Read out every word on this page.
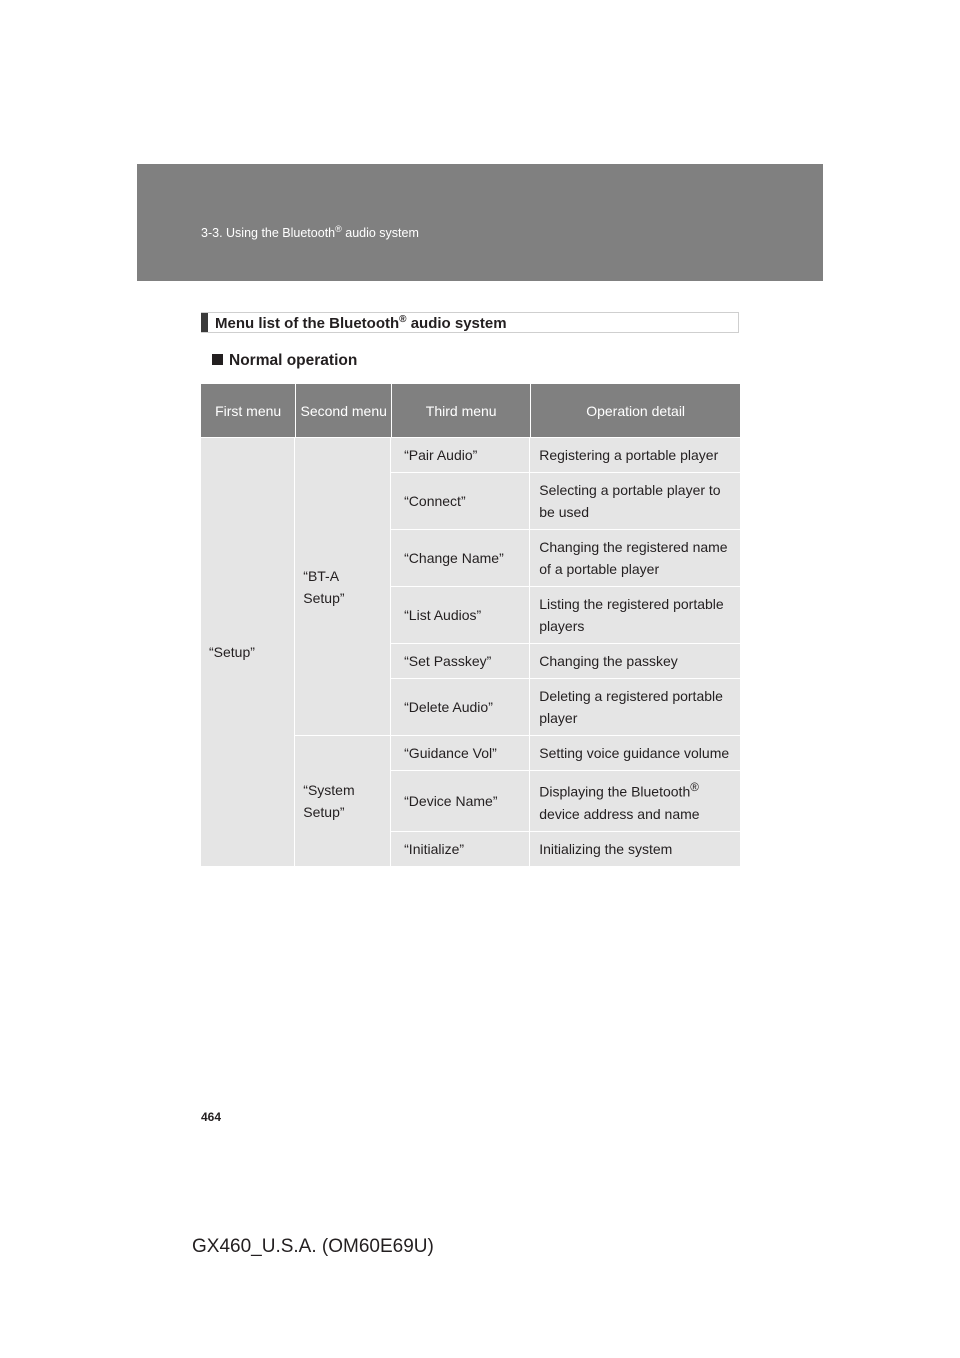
3-3. Using the Bluetooth® audio system
Menu list of the Bluetooth® audio system
Normal operation
First menu	Second menu	Third menu	Operation detail
“Setup”	“BT-A Setup”	“Pair Audio”	Registering a portable player
		“Connect”	Selecting a portable player to be used
		“Change Name”	Changing the registered name of a portable player
		“List Audios”	Listing the registered portable players
		“Set Passkey”	Changing the passkey
		“Delete Audio”	Deleting a registered portable player
	“System Setup”	“Guidance Vol”	Setting voice guidance volume
		“Device Name”	Displaying the Bluetooth® device address and name
		“Initialize”	Initializing the system
464
GX460_U.S.A. (OM60E69U)
